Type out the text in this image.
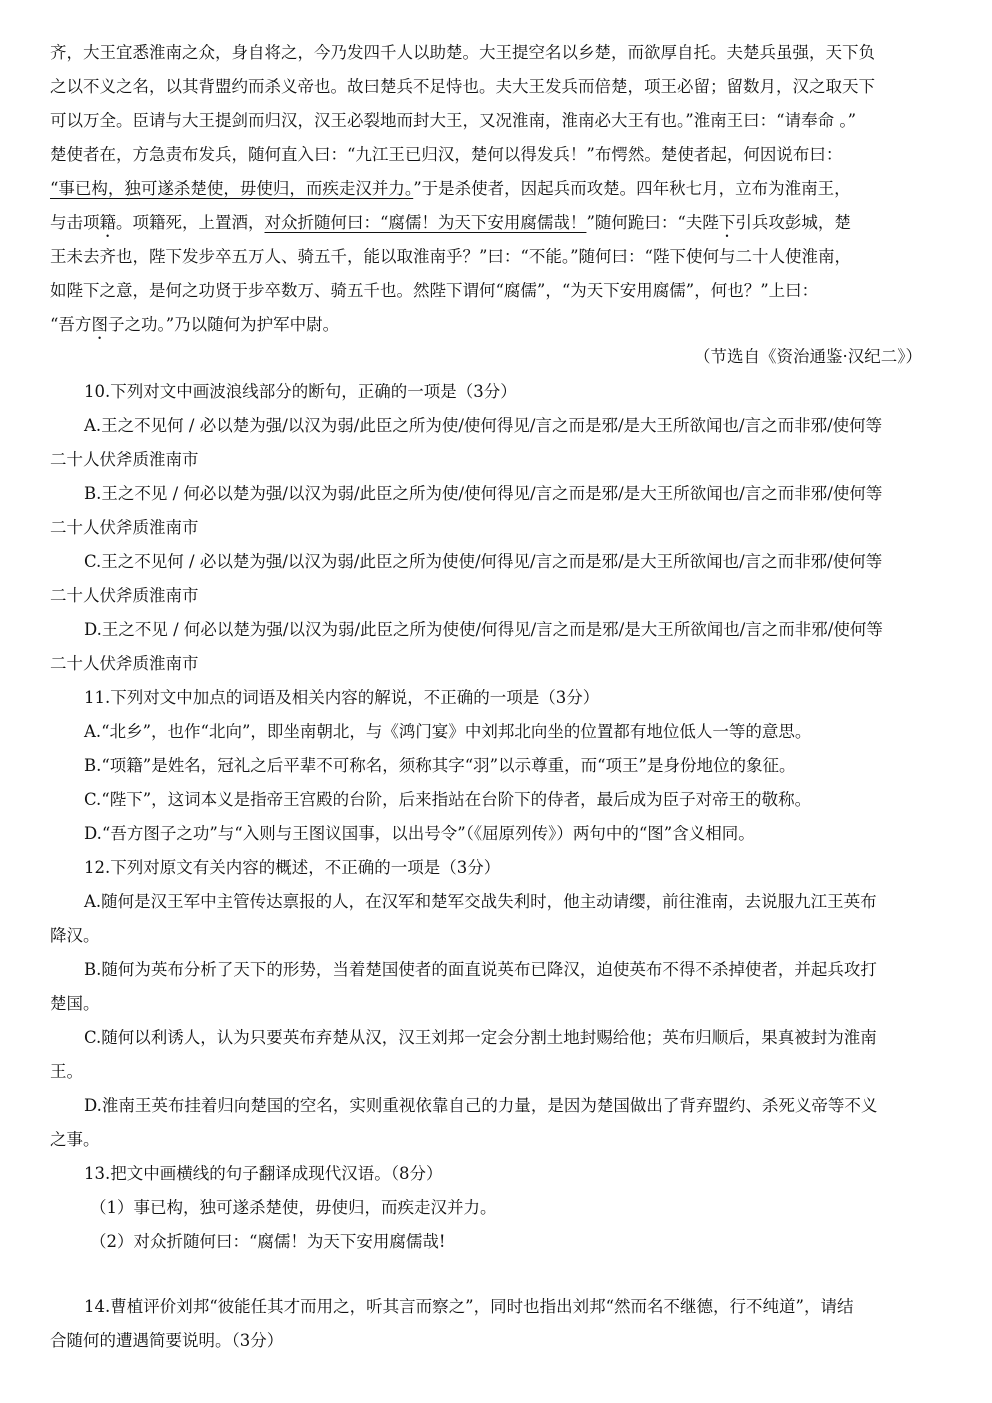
齐，大王宜悉淮南之众，身自将之，今乃发四千人以助楚。大王提空名以乡楚，而欲厚自托。夫楚兵虽强，天下负
之以不义之名，以其背盟约而杀义帝也。故曰楚兵不足恃也。夫大王发兵而倍楚，项王必留；留数月，汉之取天下
可以万全。臣请与大王提剑而归汉，汉王必裂地而封大王，又况淮南，淮南必大王有也。”淮南王曰：“请奉命 。”
楚使者在，方急责布发兵，随何直入曰：“九江王已归汉，楚何以得发兵！”布愕然。楚使者起，何因说布曰：
“事已构，独可遂杀楚使，毋使归，而疾走汉并力。”于是杀使者，因起兵而攻楚。四年秋七月，立布为淮南王，
与击项籍。项籍死，上置酒，对众折随何曰：“腐儒！为天下安用腐儒哉！”随何跪曰：“夫陛下引兵攻彭城，楚
王未去齐也，陛下发步卒五万人、骑五千，能以取淮南乎？”曰：“不能。”随何曰：“陛下使何与二十人使淮南，
如陛下之意，是何之功贤于步卒数万、骑五千也。然陛下谓何“腐儒”，“为天下安用腐儒”，何也？”上曰：
“吾方图子之功。”乃以随何为护军中尉。
（节选自《资治通鉴·汉纪二》）
10.下列对文中画波浪线部分的断句，正确的一项是（3分）
A.王之不见何 / 必以楚为强/以汉为弱/此臣之所为使/使何得见/言之而是邪/是大王所欲闻也/言之而非邪/使何等
二十人伏斧质淮南市
B.王之不见 / 何必以楚为强/以汉为弱/此臣之所为使/使何得见/言之而是邪/是大王所欲闻也/言之而非邪/使何等
二十人伏斧质淮南市
C.王之不见何 / 必以楚为强/以汉为弱/此臣之所为使使/何得见/言之而是邪/是大王所欲闻也/言之而非邪/使何等
二十人伏斧质淮南市
D.王之不见 / 何必以楚为强/以汉为弱/此臣之所为使使/何得见/言之而是邪/是大王所欲闻也/言之而非邪/使何等
二十人伏斧质淮南市
11.下列对文中加点的词语及相关内容的解说，不正确的一项是（3分）
A.“北乡”，也作“北向”，即坐南朝北，与《鸿门宴》中刘邦北向坐的位置都有地位低人一等的意思。
B.“项籍”是姓名，冠礼之后平辈不可称名，须称其字“羽”以示尊重，而“项王”是身份地位的象征。
C.“陛下”，这词本义是指帝王宫殿的台阶，后来指站在台阶下的侍者，最后成为臣子对帝王的敬称。
D.“吾方图子之功”与“入则与王图议国事，以出号令”（《屈原列传》）两句中的“图”含义相同。
12.下列对原文有关内容的概述，不正确的一项是（3分）
A.随何是汉王军中主管传达禀报的人，在汉军和楚军交战失利时，他主动请缨，前往淮南，去说服九江王英布
降汉。
B.随何为英布分析了天下的形势，当着楚国使者的面直说英布已降汉，迫使英布不得不杀掉使者，并起兵攻打
楚国。
C.随何以利诱人，认为只要英布弃楚从汉，汉王刘邦一定会分割土地封赐给他；英布归顺后，果真被封为淮南
王。
D.淮南王英布挂着归向楚国的空名，实则重视依靠自己的力量，是因为楚国做出了背弃盟约、杀死义帝等不义
之事。
13.把文中画横线的句子翻译成现代汉语。（8分）
（1）事已构，独可遂杀楚使，毋使归，而疾走汉并力。
（2）对众折随何曰：“腐儒！为天下安用腐儒哉!
14.曹植评价刘邦“彼能任其才而用之，听其言而察之”，同时也指出刘邦“然而名不继德，行不纯道”，请结
合随何的遭遇简要说明。（3分）
